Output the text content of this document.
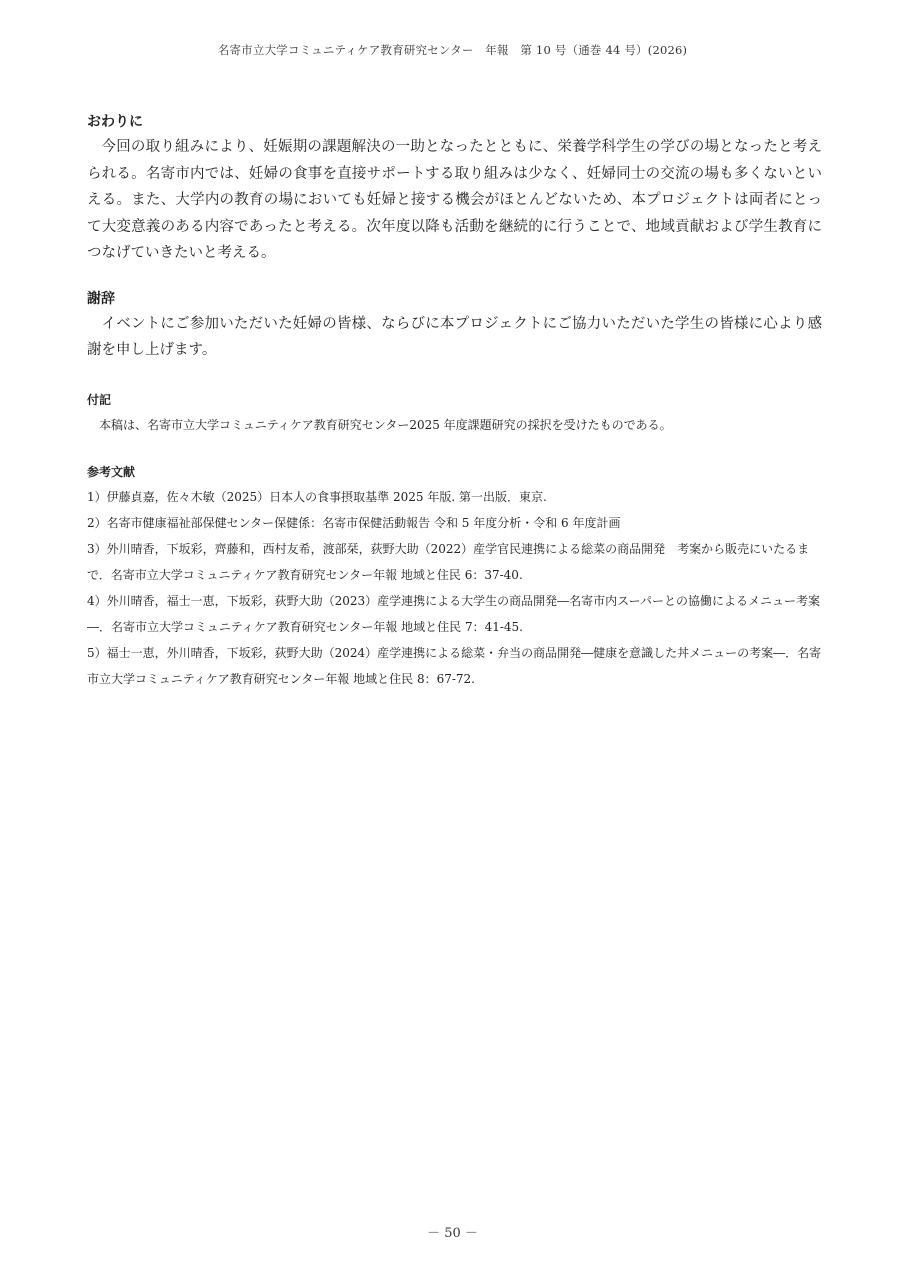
名寄市立大学コミュニティケア教育研究センター　年報　第 10 号（通巻 44 号）(2026)
おわりに

今回の取り組みにより、妊娠期の課題解決の一助となったとともに、栄養学科学生の学びの場となったと考えられる。名寄市内では、妊婦の食事を直接サポートする取り組みは少なく、妊婦同士の交流の場も多くないといえる。また、大学内の教育の場においても妊婦と接する機会がほとんどないため、本プロジェクトは両者にとって大変意義のある内容であったと考える。次年度以降も活動を継続的に行うことで、地域貢献および学生教育につなげていきたいと考える。

謝辞

イベントにご参加いただいた妊婦の皆様、ならびに本プロジェクトにご協力いただいた学生の皆様に心より感謝を申し上げます。

付記

本稿は、名寄市立大学コミュニティケア教育研究センター2025 年度課題研究の採択を受けたものである。

参考文献
1）伊藤貞嘉，佐々木敏（2025）日本人の食事摂取基準 2025 年版. 第一出版．東京.
2）名寄市健康福祉部保健センター保健係：名寄市保健活動報告 令和 5 年度分析・令和 6 年度計画
3）外川晴香，下坂彩，齊藤和，西村友希，渡部栞，荻野大助（2022）産学官民連携による総菜の商品開発　考案から販売にいたるまで．名寄市立大学コミュニティケア教育研究センター年報 地域と住民 6：37-40.
4）外川晴香，福士一恵，下坂彩，荻野大助（2023）産学連携による大学生の商品開発―名寄市内スーパーとの協働によるメニュー考案―．名寄市立大学コミュニティケア教育研究センター年報 地域と住民 7：41-45.
5）福士一恵，外川晴香，下坂彩，荻野大助（2024）産学連携による総菜・弁当の商品開発―健康を意識した丼メニューの考案―．名寄市立大学コミュニティケア教育研究センター年報 地域と住民 8：67-72.
－ 50 －
